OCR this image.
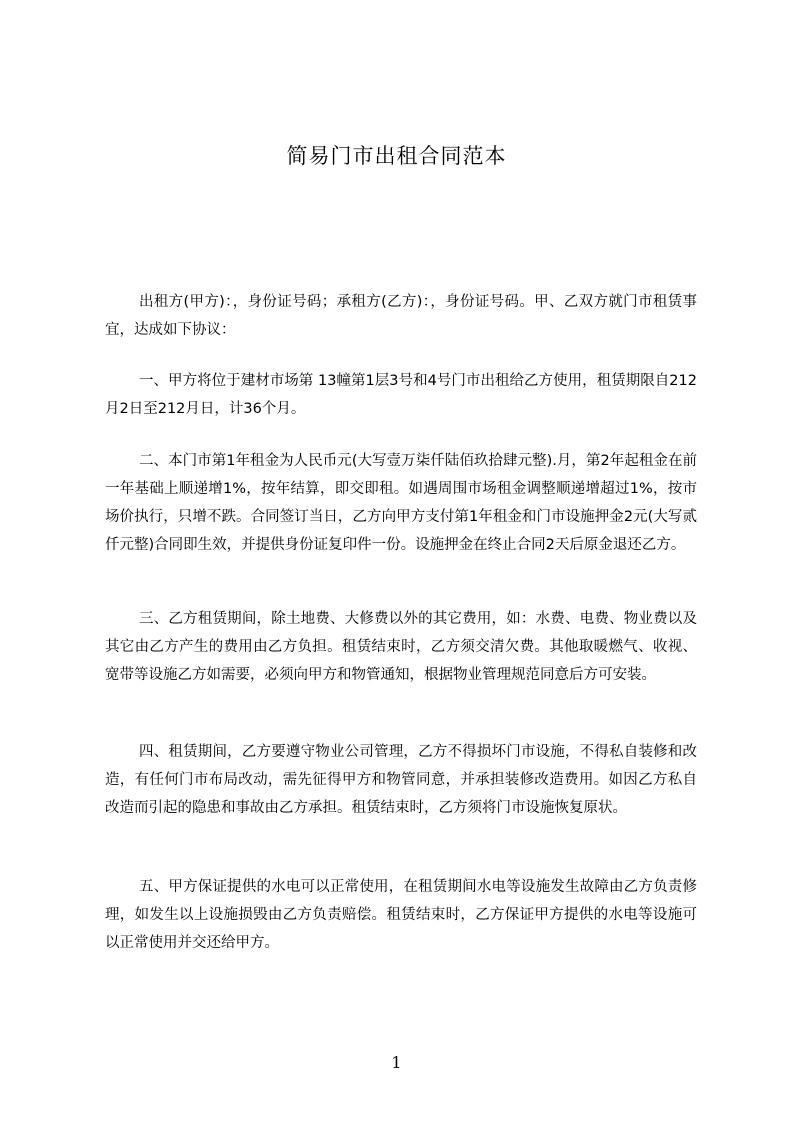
简易门市出租合同范本

出租方(甲方)：，身份证号码；承租方(乙方)：，身份证号码。甲、乙双方就门市租赁事宜，达成如下协议：

一、甲方将位于建材市场第 13幢第1层3号和4号门市出租给乙方使用，租赁期限自212月2日至212月日，计36个月。

二、本门市第1年租金为人民币元(大写壹万柒仟陆佰玖拾肆元整).月，第2年起租金在前一年基础上顺递增1%，按年结算，即交即租。如遇周围市场租金调整顺递增超过1%，按市场价执行，只增不跌。合同签订当日，乙方向甲方支付第1年租金和门市设施押金2元(大写贰仟元整)合同即生效，并提供身份证复印件一份。设施押金在终止合同2天后原金退还乙方。

三、乙方租赁期间，除土地费、大修费以外的其它费用，如：水费、电费、物业费以及其它由乙方产生的费用由乙方负担。租赁结束时，乙方须交清欠费。其他取暖燃气、收视、宽带等设施乙方如需要，必须向甲方和物管通知，根据物业管理规范同意后方可安装。

四、租赁期间，乙方要遵守物业公司管理，乙方不得损坏门市设施，不得私自装修和改造，有任何门市布局改动，需先征得甲方和物管同意，并承担装修改造费用。如因乙方私自改造而引起的隐患和事故由乙方承担。租赁结束时，乙方须将门市设施恢复原状。

五、甲方保证提供的水电可以正常使用，在租赁期间水电等设施发生故障由乙方负责修理，如发生以上设施损毁由乙方负责赔偿。租赁结束时，乙方保证甲方提供的水电等设施可以正常使用并交还给甲方。

1
